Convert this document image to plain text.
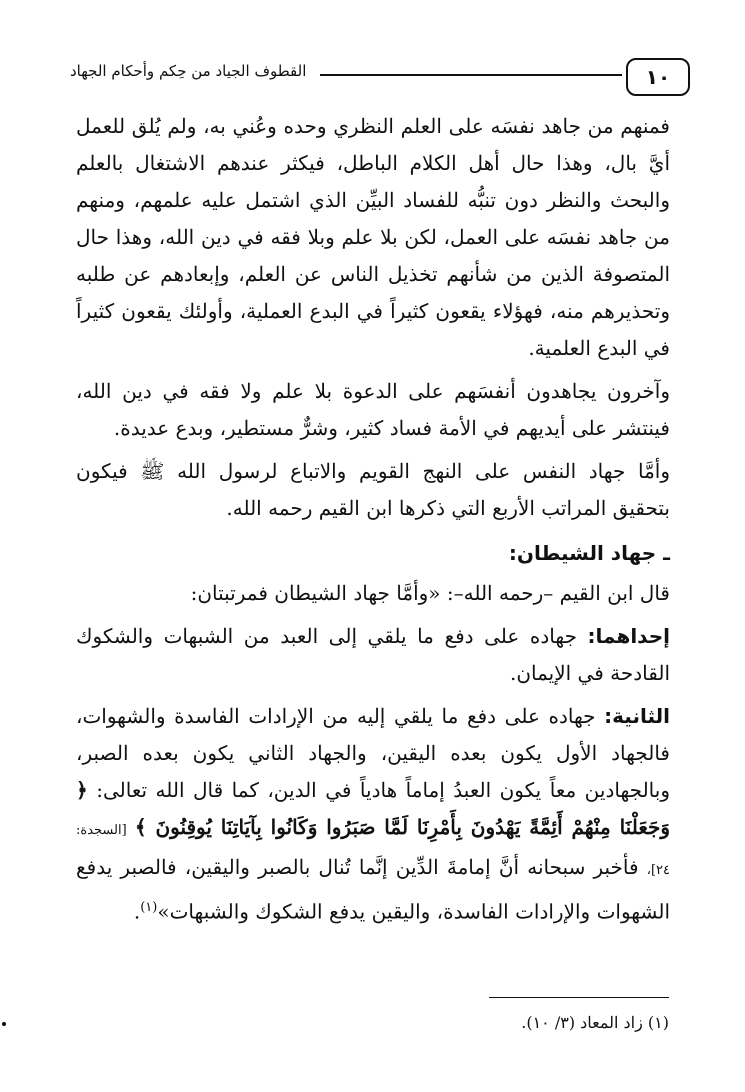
١٠
القطوف الجياد من حِكم وأحكام الجهاد

فمنهم من جاهد نفسَه على العلم النظري وحده وعُني به، ولم يُلق للعمل أيَّ بال، وهذا حال أهل الكلام الباطل، فيكثر عندهم الاشتغال بالعلم والبحث والنظر دون تنبُّه للفساد البيِّن الذي اشتمل عليه علمهم، ومنهم من جاهد نفسَه على العمل، لكن بلا علم وبلا فقه في دين الله، وهذا حال المتصوفة الذين من شأنهم تخذيل الناس عن العلم، وإبعادهم عن طلبه وتحذيرهم منه، فهؤلاء يقعون كثيراً في البدع العملية، وأولئك يقعون كثيراً في البدع العلمية.

وآخرون يجاهدون أنفسَهم على الدعوة بلا علم ولا فقه في دين الله، فينتشر على أيديهم في الأمة فساد كثير، وشرٌّ مستطير، وبدع عديدة.

وأمَّا جهاد النفس على النهج القويم والاتباع لرسول الله ﷺ فيكون بتحقيق المراتب الأربع التي ذكرها ابن القيم رحمه الله.

ـ جهاد الشيطان:

قال ابن القيم –رحمه الله–: «وأمَّا جهاد الشيطان فمرتبتان:

إحداهما: جهاده على دفع ما يلقي إلى العبد من الشبهات والشكوك القادحة في الإيمان.

الثانية: جهاده على دفع ما يلقي إليه من الإرادات الفاسدة والشهوات، فالجهاد الأول يكون بعده اليقين، والجهاد الثاني يكون بعده الصبر، وبالجهادين معاً يكون العبدُ إماماً هادياً في الدين، كما قال الله تعالى: ﴿ وَجَعَلْنَا مِنْهُمْ أَئِمَّةً يَهْدُونَ بِأَمْرِنَا لَمَّا صَبَرُوا وَكَانُوا بِآيَاتِنَا يُوقِنُونَ ﴾ [السجدة: ٢٤]، فأخبر سبحانه أنَّ إمامةَ الدِّين إنَّما تُنال بالصبر واليقين، فالصبر يدفع الشهوات والإرادات الفاسدة، واليقين يدفع الشكوك والشبهات»$^{(١)}$.

(١) زاد المعاد (٣/ ١٠).
